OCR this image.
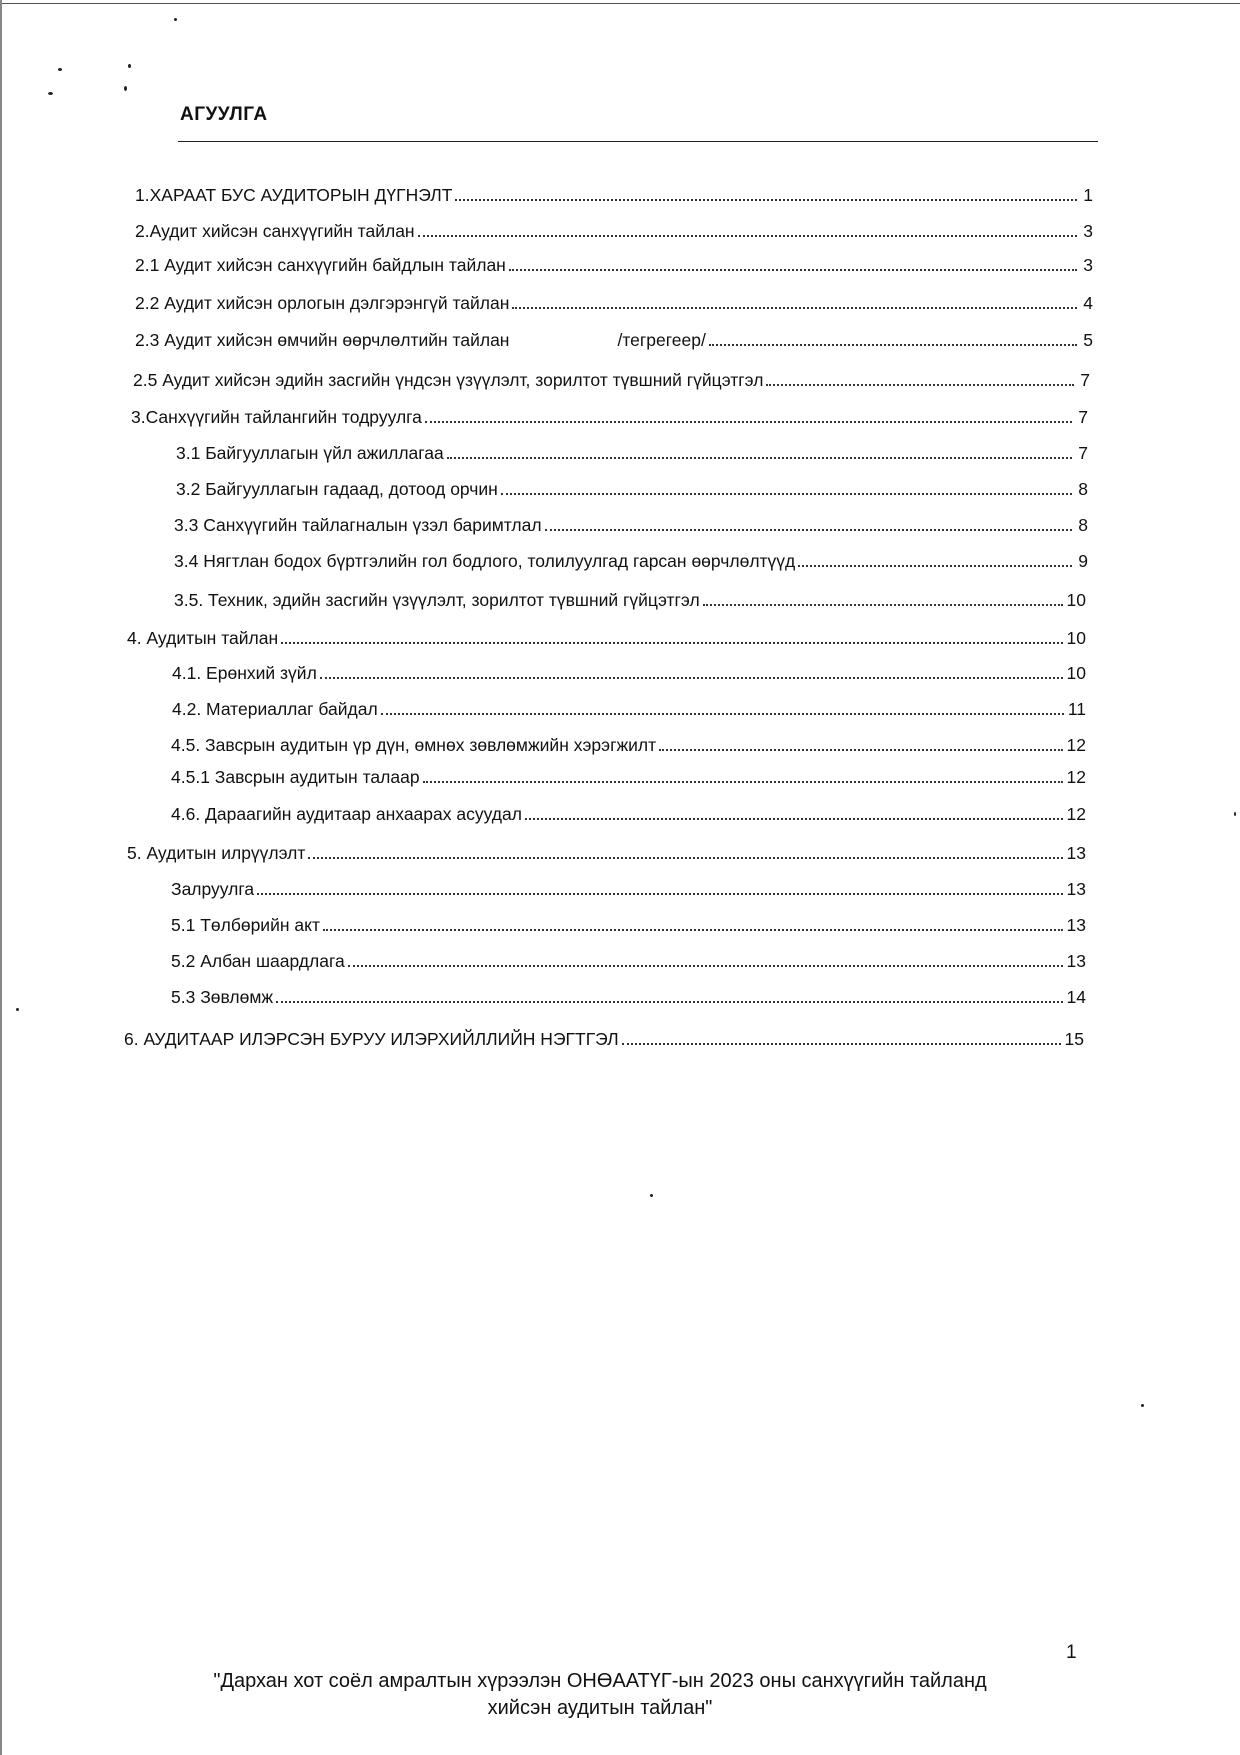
АГУУЛГА
1.ХАРААТ БУС АУДИТОРЫН ДҮГНЭЛТ	1
2.Аудит хийсэн санхүүгийн тайлан	3
2.1 Аудит хийсэн санхүүгийн байдлын тайлан	3
2.2 Аудит хийсэн орлогын дэлгэрэнгүй тайлан	4
2.3 Аудит хийсэн өмчийн өөрчлөлтийн тайлан	/тегрегеер/	5
2.5 Аудит хийсэн эдийн засгийн үндсэн үзүүлэлт, зорилтот түвшний гүйцэтгэл	7
3.Санхүүгийн тайлангийн тодруулга	7
3.1 Байгууллагын үйл ажиллагаа	7
3.2 Байгууллагын гадаад, дотоод орчин	8
3.3 Санхүүгийн тайлагналын үзэл баримтлал	8
3.4 Нягтлан бодох бүртгэлийн гол бодлого, толилуулгад гарсан өөрчлөлтүүд	9
3.5. Техник, эдийн засгийн үзүүлэлт, зорилтот түвшний гүйцэтгэл	10
4. Аудитын тайлан	10
4.1. Ерөнхий зүйл	10
4.2. Материаллаг байдал	11
4.5. Завсрын аудитын үр дүн, өмнөх зөвлөмжийн хэрэгжилт	12
4.5.1 Завсрын аудитын талаар	12
4.6. Дараагийн аудитаар анхаарах асуудал	12
5. Аудитын илрүүлэлт	13
Залруулга	13
5.1 Төлбөрийн акт	13
5.2 Албан шаардлага	13
5.3 Зөвлөмж	14
6. АУДИТААР ИЛЭРСЭН БУРУУ ИЛЭРХИЙЛЛИЙН НЭГТГЭЛ	15
1
"Дархан хот соёл амралтын хүрээлэн ОНӨААТҮГ-ын 2023 оны санхүүгийн тайланд
хийсэн аудитын тайлан"
